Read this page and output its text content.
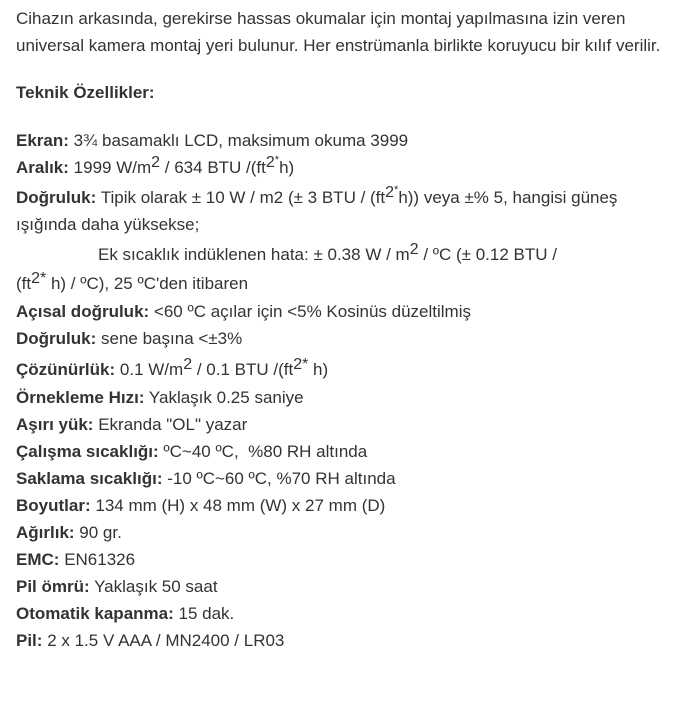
Cihazın arkasında, gerekirse hassas okumalar için montaj yapılmasına izin veren universal kamera montaj yeri bulunur. Her enstrümanla birlikte koruyucu bir kılıf verilir.

Teknik Özellikler:
Ekran: 3¾ basamaklı LCD, maksimum okuma 3999
Aralık: 1999 $W/m^2 / 634$ BTU $/(ft^{2^*}h)$
Doğruluk: Tipik olarak ± 10 W / m2 (± 3 BTU / $(ft^{2^*}h)$) veya ±% 5, hangisi güneş ışığında daha yüksekse;
Ek sıcaklık indüklenen hata: ± 0.38 W / $m^2$ / ºC (± 0.12 BTU /
($ft^{2*}$ h) / ºC), 25 ºC'den itibaren
Açısal doğruluk: <60 ºC açılar için <5% Kosinüs düzeltilmiş
Doğruluk: sene başına <±3%
Çözünürlük: 0.1 $W/m^2 / 0.1$ BTU $/(ft^{2*}$ h)
Örnekleme Hızı: Yaklaşık 0.25 saniye
Aşırı yük: Ekranda "OL" yazar
Çalışma sıcaklığı: ºC~40 ºC,  %80 RH altında
Saklama sıcaklığı: -10 ºC~60 ºC, %70 RH altında
Boyutlar: 134 mm (H) x 48 mm (W) x 27 mm (D)
Ağırlık: 90 gr.
EMC: EN61326
Pil ömrü: Yaklaşık 50 saat
Otomatik kapanma: 15 dak.
Pil: 2 x 1.5 V AAA / MN2400 / LR03
